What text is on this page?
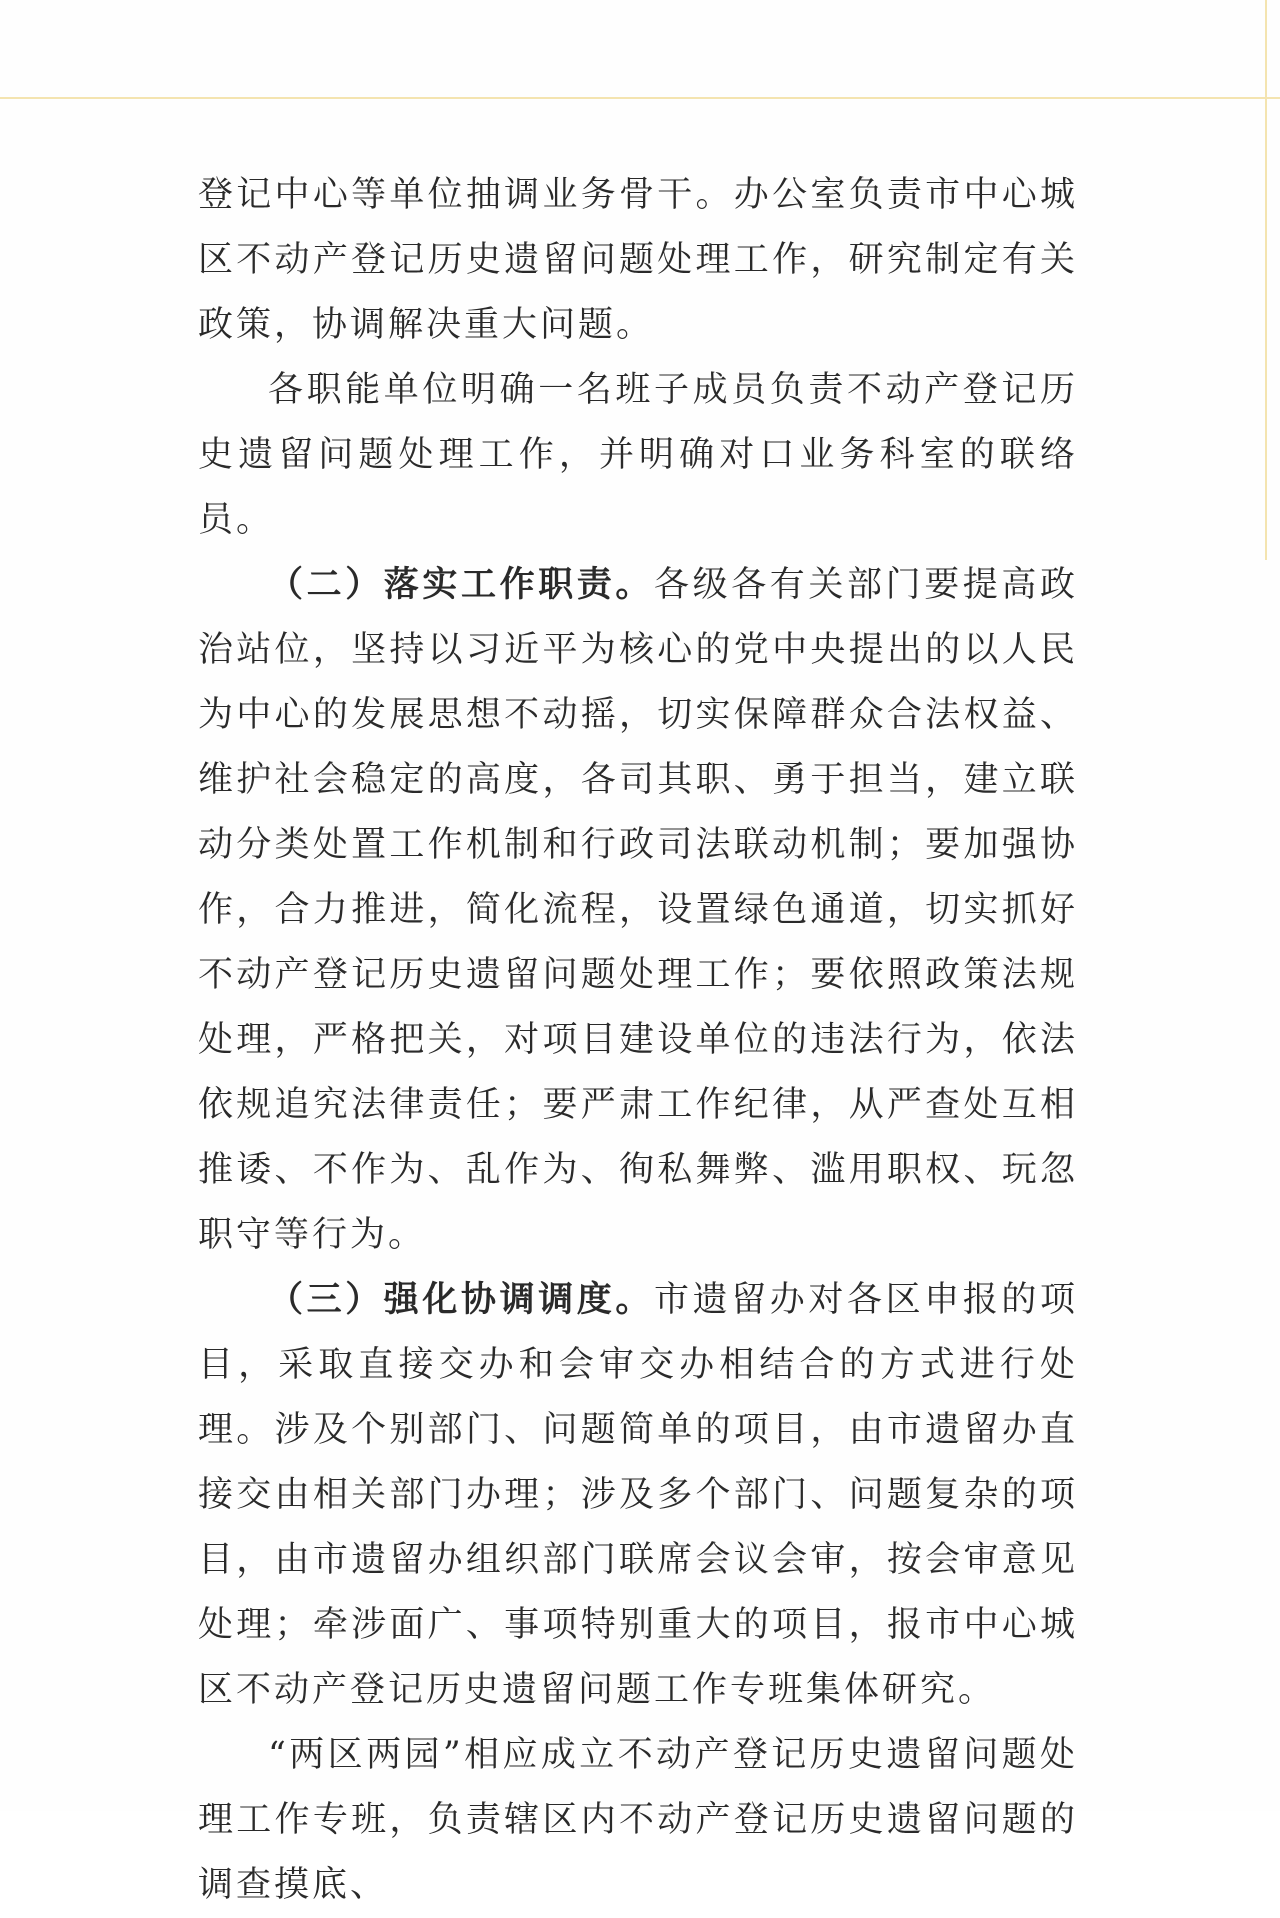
登记中心等单位抽调业务骨干。办公室负责市中心城区不动产登记历史遗留问题处理工作，研究制定有关政策，协调解决重大问题。

各职能单位明确一名班子成员负责不动产登记历史遗留问题处理工作，并明确对口业务科室的联络员。

（二）落实工作职责。各级各有关部门要提高政治站位，坚持以习近平为核心的党中央提出的以人民为中心的发展思想不动摇，切实保障群众合法权益、维护社会稳定的高度，各司其职、勇于担当，建立联动分类处置工作机制和行政司法联动机制；要加强协作，合力推进，简化流程，设置绿色通道，切实抓好不动产登记历史遗留问题处理工作；要依照政策法规处理，严格把关，对项目建设单位的违法行为，依法依规追究法律责任；要严肃工作纪律，从严查处互相推诿、不作为、乱作为、徇私舞弊、滥用职权、玩忽职守等行为。

（三）强化协调调度。市遗留办对各区申报的项目，采取直接交办和会审交办相结合的方式进行处理。涉及个别部门、问题简单的项目，由市遗留办直接交由相关部门办理；涉及多个部门、问题复杂的项目，由市遗留办组织部门联席会议会审，按会审意见处理；牵涉面广、事项特别重大的项目，报市中心城区不动产登记历史遗留问题工作专班集体研究。

“两区两园”相应成立不动产登记历史遗留问题处理工作专班，负责辖区内不动产登记历史遗留问题的调查摸底、
